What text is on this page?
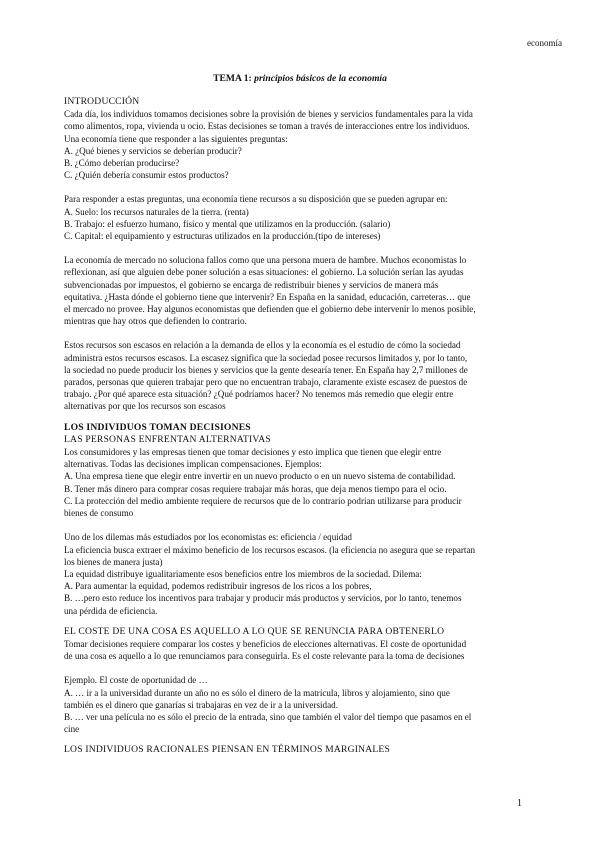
economía
TEMA 1: principios básicos de la economía

INTRODUCCIÓN

Cada día, los individuos tomamos decisiones sobre la provisión de bienes y servicios fundamentales para la vida

como alimentos, ropa, vivienda u ocio. Estas decisiones se toman a través de interacciones entre los individuos.

Una economía tiene que responder a las siguientes preguntas:

A. ¿Qué bienes y servicios se deberían producir?

B. ¿Cómo deberían producirse?

C. ¿Quién debería consumir estos productos?

Para responder a estas preguntas, una economía tiene recursos a su disposición que se pueden agrupar en:

A. Suelo: los recursos naturales de la tierra. (renta)

B. Trabajo: el esfuerzo humano, físico y mental que utilizamos en la producción. (salario)

C. Capital: el equipamiento y estructuras utilizados en la producción.(tipo de intereses)

La economía de mercado no soluciona fallos como que una persona muera de hambre. Muchos economistas lo

reflexionan, así que alguien debe poner solución a esas situaciones: el gobierno. La solución serían las ayudas

subvencionadas por impuestos, el gobierno se encarga de redistribuir bienes y servicios de manera más

equitativa. ¿Hasta dónde el gobierno tiene que intervenir? En España en la sanidad, educación, carreteras… que

el mercado no provee. Hay algunos economistas que defienden que el gobierno debe intervenir lo menos posible,

mientras que hay otros que defienden lo contrario.

Estos recursos son escasos en relación a la demanda de ellos y la economía es el estudio de cómo la sociedad

administra estos recursos escasos. La escasez significa que la sociedad posee recursos limitados y, por lo tanto,

la sociedad no puede producir los bienes y servicios que la gente desearía tener. En España hay 2,7 millones de

parados, personas que quieren trabajar pero que no encuentran trabajo, claramente existe escasez de puestos de

trabajo. ¿Por qué aparece esta situación? ¿Qué podríamos hacer? No tenemos más remedio que elegir entre

alternativas por que los recursos son escasos

LOS INDIVIDUOS TOMAN DECISIONES

LAS PERSONAS ENFRENTAN ALTERNATIVAS

Los consumidores y las empresas tienen que tomar decisiones y esto implica que tienen que elegir entre

alternativas. Todas las decisiones implican compensaciones. Ejemplos:

A. Una empresa tiene que elegir entre invertir en un nuevo producto o en un nuevo sistema de contabilidad.

B. Tener más dinero para comprar cosas requiere trabajar más horas, que deja menos tiempo para el ocio.

C. La protección del medio ambiente requiere de recursos que de lo contrario podrían utilizarse para producir

bienes de consumo

Uno de los dilemas más estudiados por los economistas es: eficiencia / equidad

La eficiencia busca extraer el máximo beneficio de los recursos escasos. (la eficiencia no asegura que se repartan

los bienes de manera justa)

La equidad distribuye igualitariamente esos beneficios entre los miembros de la sociedad. Dilema:

A. Para aumentar la equidad, podemos redistribuir ingresos de los ricos a los pobres,

B. …pero esto reduce los incentivos para trabajar y producir más productos y servicios, por lo tanto, tenemos

una pérdida de eficiencia.

EL COSTE DE UNA COSA ES AQUELLO A LO QUE SE RENUNCIA PARA OBTENERLO

Tomar decisiones requiere comparar los costes y beneficios de elecciones alternativas. El coste de oportunidad

de una cosa es aquello a lo que renunciamos para conseguirla. Es el coste relevante para la toma de decisiones

Ejemplo. El coste de oportunidad de …

A. … ir a la universidad durante un año no es sólo el dinero de la matrícula, libros y alojamiento, sino que

también es el dinero que ganarías si trabajaras en vez de ir a la universidad.

B. … ver una película no es sólo el precio de la entrada, sino que también el valor del tiempo que pasamos en el

cine

LOS INDIVIDUOS RACIONALES PIENSAN EN TÉRMINOS MARGINALES

1
